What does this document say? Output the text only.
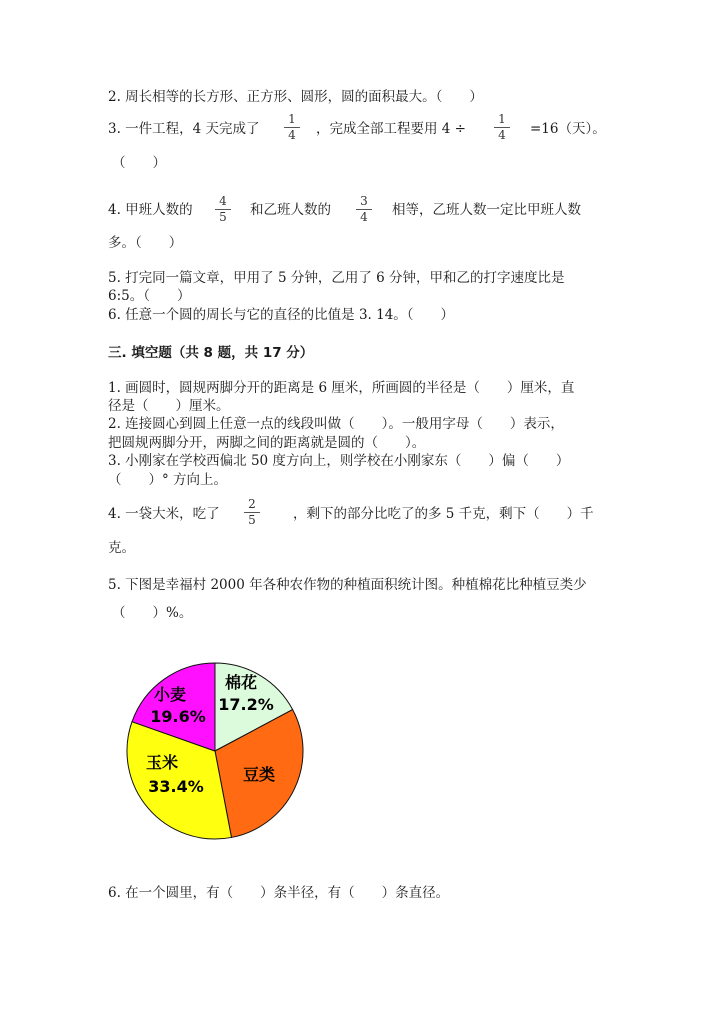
2. 周长相等的长方形、正方形、圆形，圆的面积最大。（　　）
3. 一件工程，4 天完成了
1
4	，完成全部工程要用 4 ÷
1
4	=16（天）。
（　　）
4. 甲班人数的
4
5	和乙班人数的
3
4	相等，乙班人数一定比甲班人数
多。（　　）
5. 打完同一篇文章，甲用了 5 分钟，乙用了 6 分钟，甲和乙的打字速度比是
6:5。（　　）
6. 任意一个圆的周长与它的直径的比值是 3. 14。（　　）
三. 填空题（共 8 题，共 17 分）
1. 画圆时，圆规两脚分开的距离是 6 厘米，所画圆的半径是（　　）厘米，直
径是（　　）厘米。
2. 连接圆心到圆上任意一点的线段叫做（　　）。一般用字母（　　）表示，
把圆规两脚分开，两脚之间的距离就是圆的（　　）。
3. 小刚家在学校西偏北 50 度方向上，则学校在小刚家东（　　）偏（　　）
（　　）° 方向上。
4. 一袋大米，吃了
2
5	，剩下的部分比吃了的多 5 千克，剩下（　　）千
克。
5. 下图是幸福村 2000 年各种农作物的种植面积统计图。种植棉花比种植豆类少
（　　）%。
棉花
17.2%
豆类
玉米
33.4%
小麦
19.6%
6. 在一个圆里，有（　　）条半径，有（　　）条直径。
